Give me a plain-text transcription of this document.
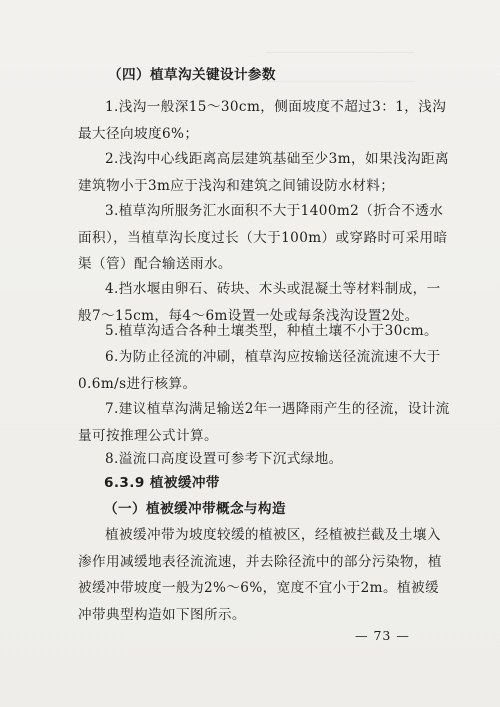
（四）植草沟关键设计参数

1.浅沟一般深15～30cm，侧面坡度不超过3：1，浅沟最大径向坡度6%；

2.浅沟中心线距离高层建筑基础至少3m，如果浅沟距离建筑物小于3m应于浅沟和建筑之间铺设防水材料；

3.植草沟所服务汇水面积不大于1400m2（折合不透水面积），当植草沟长度过长（大于100m）或穿路时可采用暗渠（管）配合输送雨水。

4.挡水堰由卵石、砖块、木头或混凝土等材料制成，一般7～15cm，每4～6m设置一处或每条浅沟设置2处。

5.植草沟适合各种土壤类型，种植土壤不小于30cm。

6.为防止径流的冲刷，植草沟应按输送径流流速不大于0.6m/s进行核算。

7.建议植草沟满足输送2年一遇降雨产生的径流，设计流量可按推理公式计算。

8.溢流口高度设置可参考下沉式绿地。

6.3.9 植被缓冲带

（一）植被缓冲带概念与构造

植被缓冲带为坡度较缓的植被区，经植被拦截及土壤入渗作用减缓地表径流流速，并去除径流中的部分污染物，植被缓冲带坡度一般为2%～6%，宽度不宜小于2m。植被缓冲带典型构造如下图所示。

— 73 —
